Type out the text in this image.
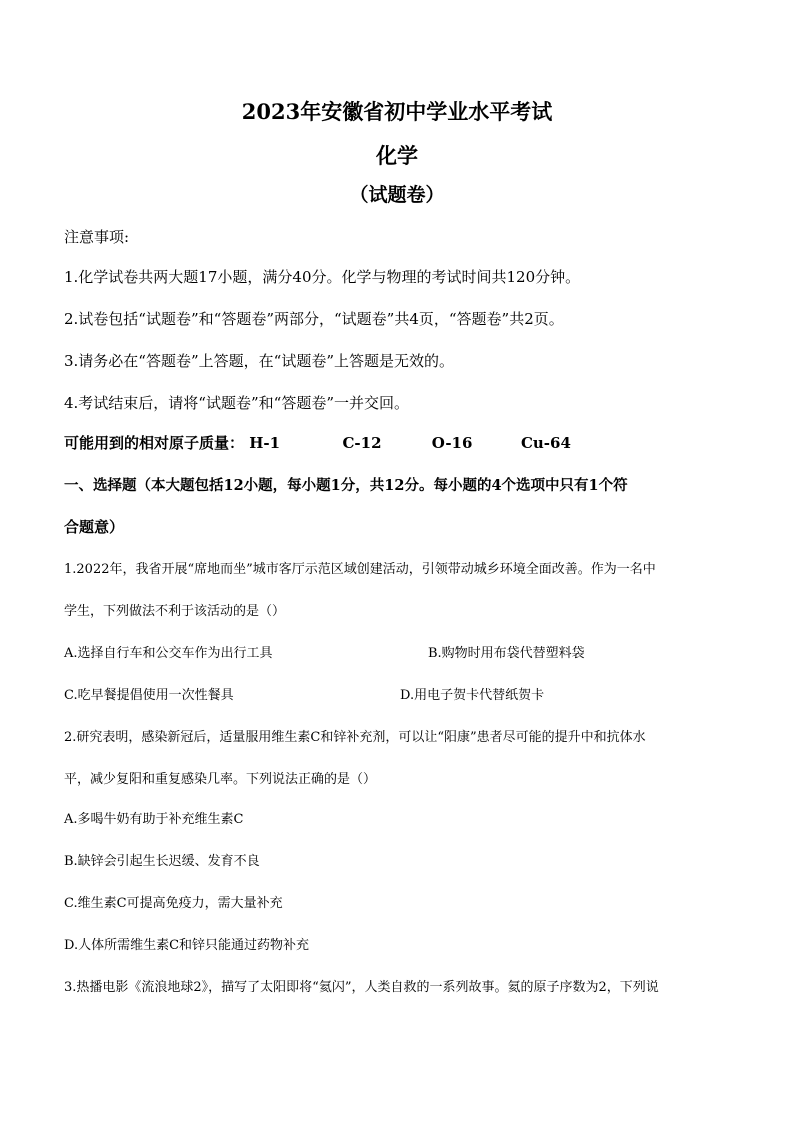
2023年安徽省初中学业水平考试
化学
（试题卷）
注意事项:
1.化学试卷共两大题17小题，满分40分。化学与物理的考试时间共120分钟。
2.试卷包括“试题卷”和“答题卷”两部分，“试题卷”共4页，“答题卷”共2页。
3.请务必在“答题卷”上答题，在“试题卷”上答题是无效的。
4.考试结束后，请将“试题卷”和“答题卷”一并交回。
可能用到的相对原子质量： H-1	C-12	O-16	Cu-64
一、选择题（本大题包括12小题，每小题1分，共12分。每小题的4个选项中只有1个符
合题意）
1.2022年，我省开展“席地而坐”城市客厅示范区域创建活动，引领带动城乡环境全面改善。作为一名中
学生，下列做法不利于该活动的是（）
A.选择自行车和公交车作为出行工具	B.购物时用布袋代替塑料袋
C.吃早餐提倡使用一次性餐具	D.用电子贺卡代替纸贺卡
2.研究表明，感染新冠后，适量服用维生素C和锌补充剂，可以让“阳康”患者尽可能的提升中和抗体水
平，减少复阳和重复感染几率。下列说法正确的是（）
A.多喝牛奶有助于补充维生素C
B.缺锌会引起生长迟缓、发育不良
C.维生素C可提高免疫力，需大量补充
D.人体所需维生素C和锌只能通过药物补充
3.热播电影《流浪地球2》，描写了太阳即将“氦闪”，人类自救的一系列故事。氦的原子序数为2，下列说
